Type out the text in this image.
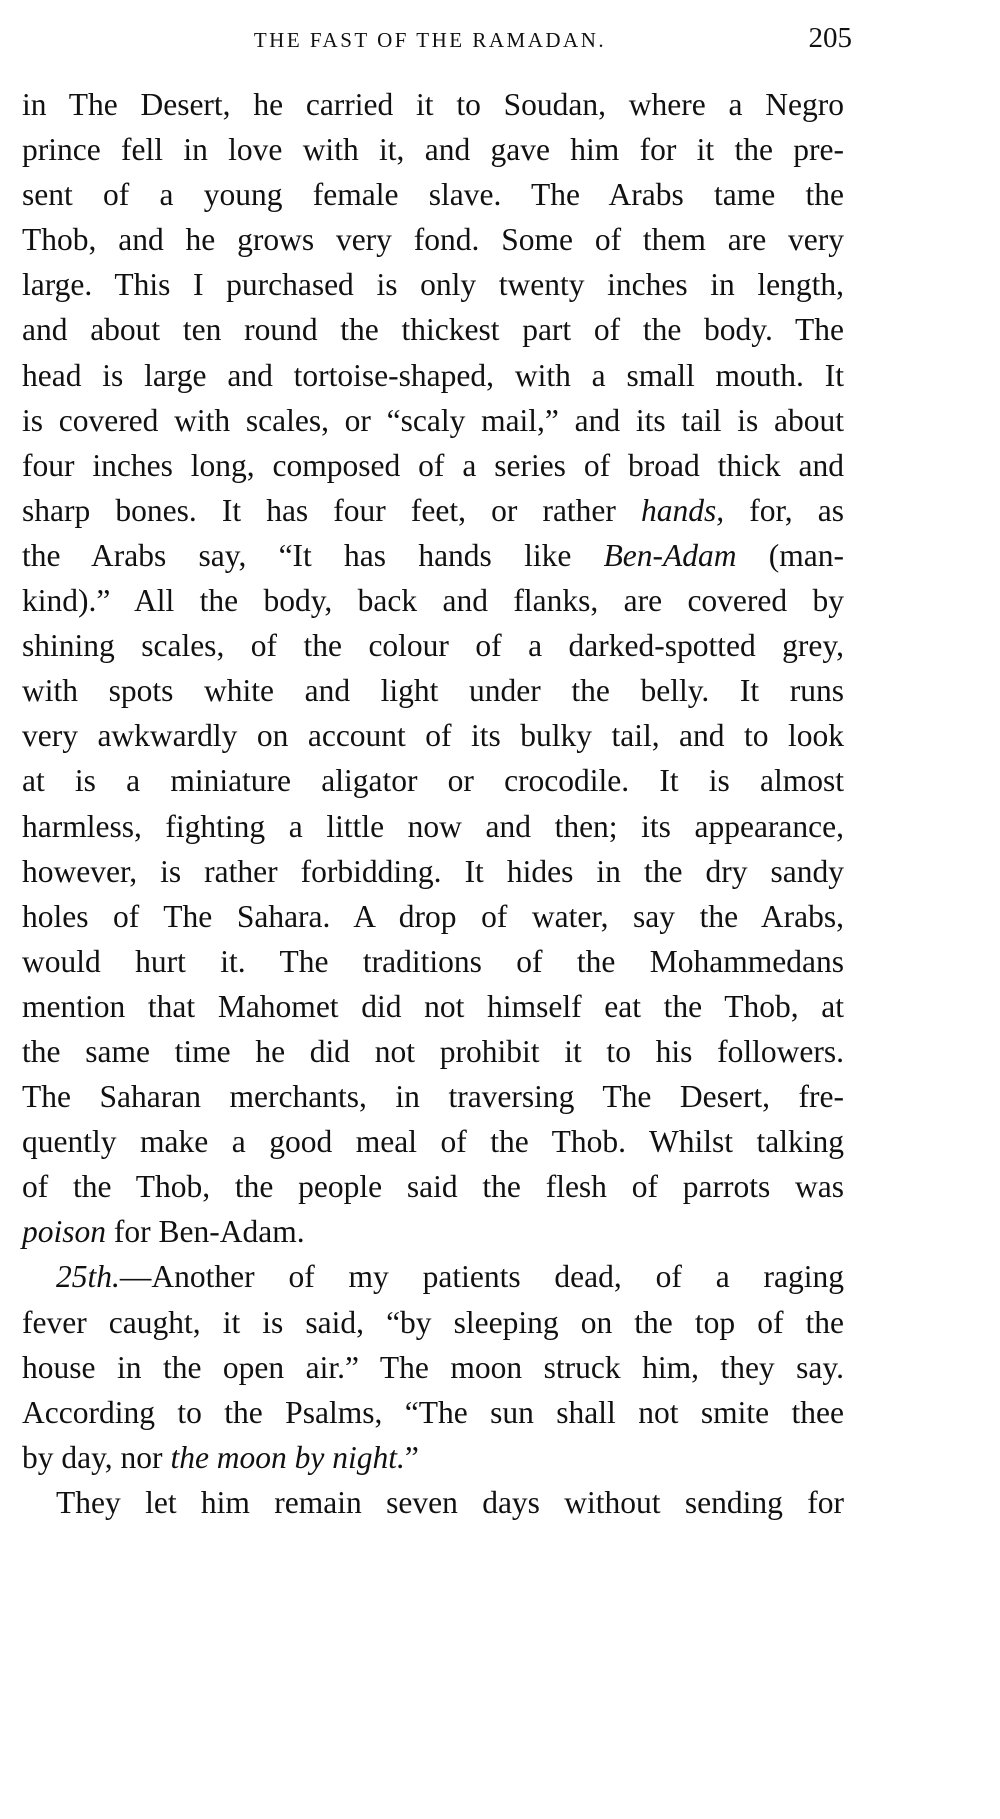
THE FAST OF THE RAMADAN.	205
in The Desert, he carried it to Soudan, where a Negro
prince fell in love with it, and gave him for it the pre-
sent of a young female slave. The Arabs tame the
Thob, and he grows very fond. Some of them are very
large. This I purchased is only twenty inches in length,
and about ten round the thickest part of the body. The
head is large and tortoise-shaped, with a small mouth. It
is covered with scales, or “scaly mail,” and its tail is about
four inches long, composed of a series of broad thick and
sharp bones. It has four feet, or rather hands, for, as
the Arabs say, “It has hands like Ben-Adam (man-
kind).” All the body, back and flanks, are covered by
shining scales, of the colour of a darked-spotted grey,
with spots white and light under the belly. It runs
very awkwardly on account of its bulky tail, and to look
at is a miniature aligator or crocodile. It is almost
harmless, fighting a little now and then; its appearance,
however, is rather forbidding. It hides in the dry sandy
holes of The Sahara. A drop of water, say the Arabs,
would hurt it. The traditions of the Mohammedans
mention that Mahomet did not himself eat the Thob, at
the same time he did not prohibit it to his followers.
The Saharan merchants, in traversing The Desert, fre-
quently make a good meal of the Thob. Whilst talking
of the Thob, the people said the flesh of parrots was
poison for Ben-Adam.
25th.—Another of my patients dead, of a raging
fever caught, it is said, “by sleeping on the top of the
house in the open air.” The moon struck him, they say.
According to the Psalms, “The sun shall not smite thee
by day, nor the moon by night.”
They let him remain seven days without sending for
